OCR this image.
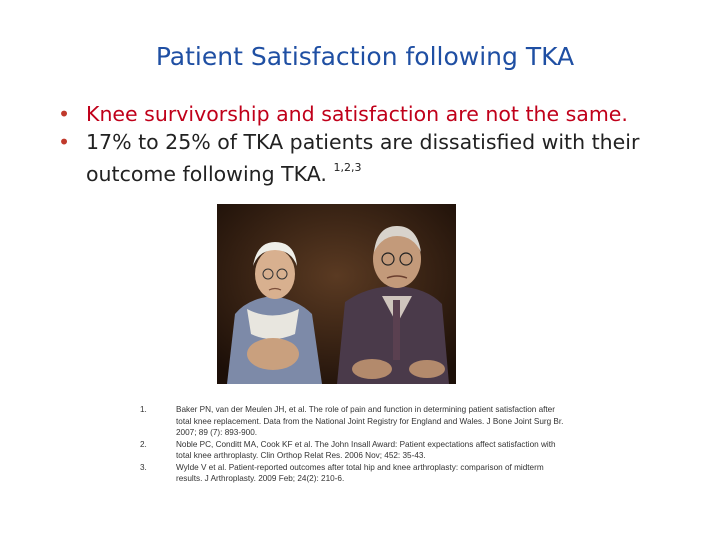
Patient Satisfaction following TKA
• Knee survivorship and satisfaction are not the same.
• 17% to 25% of TKA patients are dissatisfied with their outcome following TKA. $^{1,2,3}$
1.	Baker PN, van der Meulen JH, et al. The role of pain and function in determining patient satisfaction after total knee replacement. Data from the National Joint Registry for England and Wales. J Bone Joint Surg Br. 2007; 89 (7): 893-900.
2.	Noble PC, Conditt MA, Cook KF et al. The John Insall Award: Patient expectations affect satisfaction with total knee arthroplasty. Clin Orthop Relat Res. 2006 Nov; 452: 35-43.
3.	Wylde V et al. Patient-reported outcomes after total hip and knee arthroplasty: comparison of midterm results. J Arthroplasty. 2009 Feb; 24(2): 210-6.
